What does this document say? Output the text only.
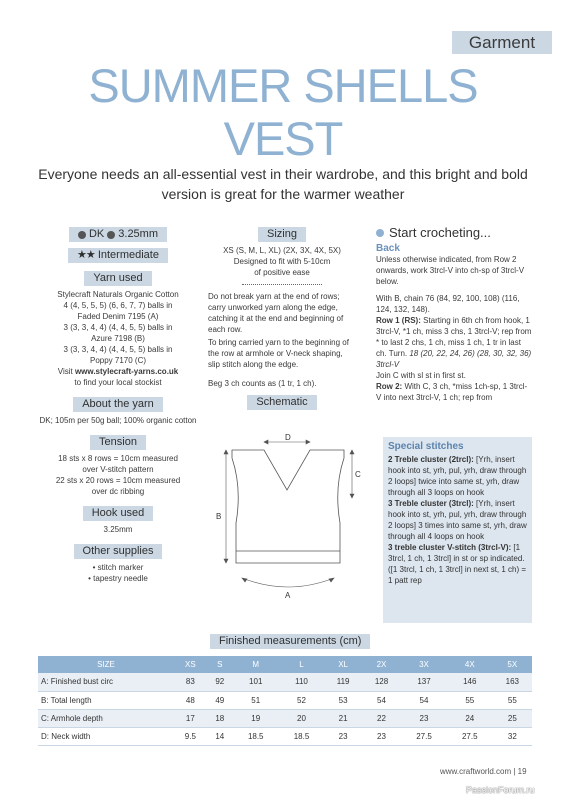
Garment
SUMMER SHELLS
VEST
Everyone needs an all-essential vest in their wardrobe, and this bright and bold version is great for the warmer weather
DK 3.25mm
★★ Intermediate
Yarn used
Stylecraft Naturals Organic Cotton
4 (4, 5, 5, 5) (6, 6, 7, 7) balls in
Faded Denim 7195 (A)
3 (3, 3, 4, 4) (4, 4, 5, 5) balls in
Azure 7198 (B)
3 (3, 3, 4, 4) (4, 4, 5, 5) balls in
Poppy 7170 (C)
Visit www.stylecraft-yarns.co.uk
to find your local stockist
About the yarn
DK; 105m per 50g ball; 100% organic cotton
Tension
18 sts x 8 rows = 10cm measured
over V-stitch pattern
22 sts x 20 rows = 10cm measured
over dc ribbing
Hook used
3.25mm
Other supplies
• stitch marker
• tapestry needle
Sizing
XS (S, M, L, XL) (2X, 3X, 4X, 5X)
Designed to fit with 5-10cm
of positive ease

Do not break yarn at the end of rows; carry unworked yarn along the edge, catching it at the end and beginning of each row.

To bring carried yarn to the beginning of the row at armhole or V-neck shaping, slip stitch along the edge.

Beg 3 ch counts as (1 tr, 1 ch).

Schematic
D
C
B
A
Start crocheting...
Back

Unless otherwise indicated, from Row 2 onwards, work 3trcl-V into ch-sp of 3trcl-V below.

With B, chain 76 (84, 92, 100, 108) (116, 124, 132, 148).

Row 1 (RS): Starting in 6th ch from hook, 1 3trcl-V, *1 ch, miss 3 chs, 1 3trcl-V; rep from * to last 2 chs, 1 ch, miss 1 ch, 1 tr in last ch. Turn. 18 (20, 22, 24, 26) (28, 30, 32, 36) 3trcl-V

Join C with sl st in first st.

Row 2: With C, 3 ch, *miss 1ch-sp, 1 3trcl-V into next 3trcl-V, 1 ch; rep from

Special stitches

2 Treble cluster (2trcl): [Yrh, insert hook into st, yrh, pul, yrh, draw through 2 loops] twice into same st, yrh, draw through all 3 loops on hook

3 Treble cluster (3trcl): [Yrh, insert hook into st, yrh, pul, yrh, draw through 2 loops] 3 times into same st, yrh, draw through all 4 loops on hook

3 treble cluster V-stitch (3trcl-V): [1 3trcl, 1 ch, 1 3trcl] in st or sp indicated. ([1 3trcl, 1 ch, 1 3trcl] in next st, 1 ch) = 1 patt rep

Finished measurements (cm)
SIZE	XS	S	M	L	XL	2X	3X	4X	5X
A: Finished bust circ	83	92	101	110	119	128	137	146	163
B: Total length	48	49	51	52	53	54	54	55	55
C: Armhole depth	17	18	19	20	21	22	23	24	25
D: Neck width	9.5	14	18.5	18.5	23	23	27.5	27.5	32
www.craftworld.com | 19
PassionForum.ru
